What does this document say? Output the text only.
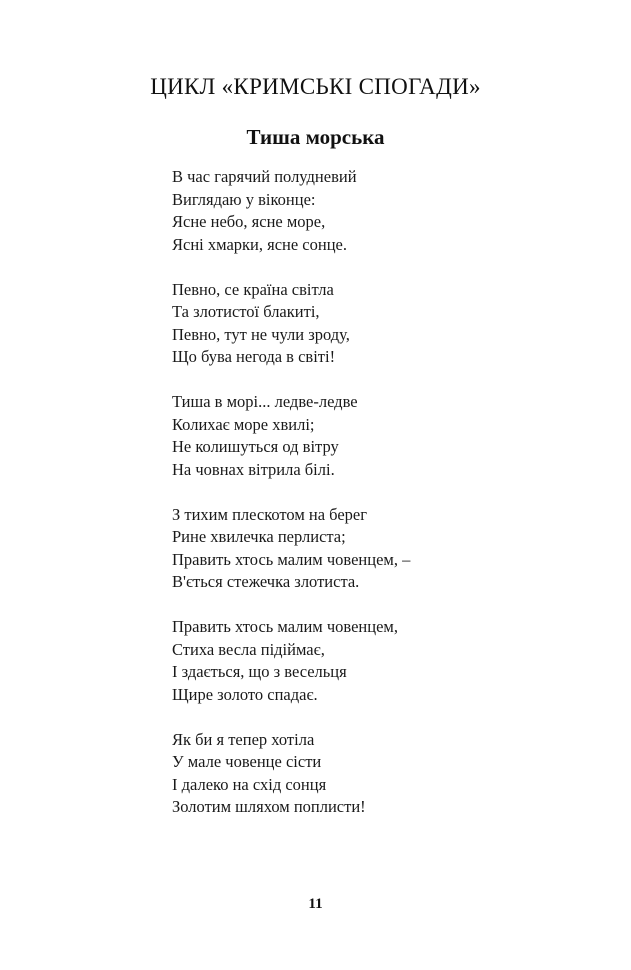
ЦИКЛ «КРИМСЬКІ СПОГАДИ»
Тиша морська
В час гарячий полудневий
Виглядаю у віконце:
Ясне небо, ясне море,
Ясні хмарки, ясне сонце.
Певно, се країна світла
Та злотистої блакиті,
Певно, тут не чули зроду,
Що бува негода в світі!
Тиша в морі... ледве-ледве
Колихає море хвилі;
Не колишуться од вітру
На човнах вітрила білі.
З тихим плескотом на берег
Рине хвилечка перлиста;
Править хтось малим човенцем, –
В'ється стежечка злотиста.
Править хтось малим човенцем,
Стиха весла підіймає,
І здається, що з весельця
Щире золото спадає.
Як би я тепер хотіла
У мале човенце сісти
І далеко на схід сонця
Золотим шляхом поплисти!
11
